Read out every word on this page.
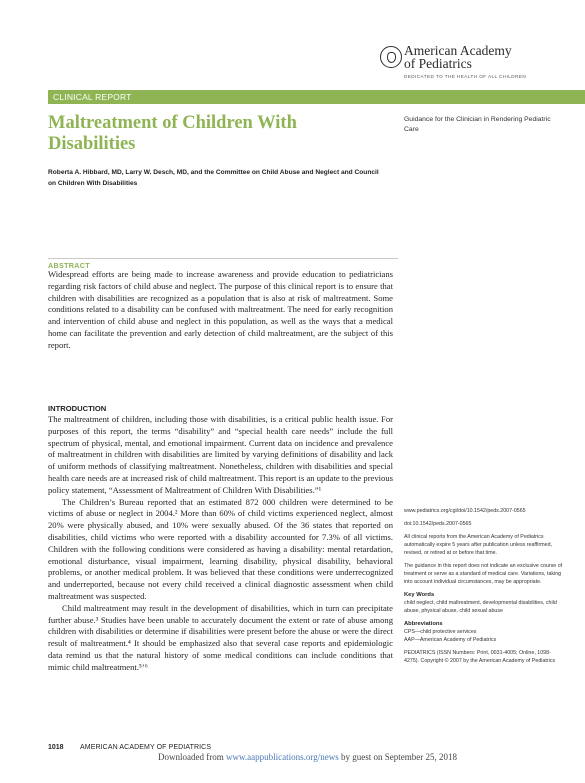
American Academy
of Pediatrics
DEDICATED TO THE HEALTH OF ALL CHILDREN
CLINICAL REPORT
Maltreatment of Children With Disabilities
Guidance for the Clinician in Rendering Pediatric Care
Roberta A. Hibbard, MD, Larry W. Desch, MD, and the Committee on Child Abuse and Neglect and Council on Children With Disabilities
ABSTRACT
Widespread efforts are being made to increase awareness and provide education to pediatricians regarding risk factors of child abuse and neglect. The purpose of this clinical report is to ensure that children with disabilities are recognized as a population that is also at risk of maltreatment. Some conditions related to a disability can be confused with maltreatment. The need for early recognition and intervention of child abuse and neglect in this population, as well as the ways that a medical home can facilitate the prevention and early detection of child maltreatment, are the subject of this report.
INTRODUCTION

The maltreatment of children, including those with disabilities, is a critical public health issue. For purposes of this report, the terms “disability” and “special health care needs” include the full spectrum of physical, mental, and emotional impairment. Current data on incidence and prevalence of maltreatment in children with disabilities are limited by varying definitions of disability and lack of uniform methods of classifying maltreatment. Nonetheless, children with disabilities and special health care needs are at increased risk of child maltreatment. This report is an update to the previous policy statement, “Assessment of Maltreatment of Children With Disabilities.”¹

The Children’s Bureau reported that an estimated 872 000 children were determined to be victims of abuse or neglect in 2004.² More than 60% of child victims experienced neglect, almost 20% were physically abused, and 10% were sexually abused. Of the 36 states that reported on disabilities, child victims who were reported with a disability accounted for 7.3% of all victims. Children with the following conditions were considered as having a disability: mental retardation, emotional disturbance, visual impairment, learning disability, physical disability, behavioral problems, or another medical problem. It was believed that these conditions were underrecognized and underreported, because not every child received a clinical diagnostic assessment when child maltreatment was suspected.

Child maltreatment may result in the development of disabilities, which in turn can precipitate further abuse.³ Studies have been unable to accurately document the extent or rate of abuse among children with disabilities or determine if disabilities were present before the abuse or were the direct result of maltreatment.⁴ It should be emphasized also that several case reports and epidemiologic data remind us that the natural history of some medical conditions can include conditions that mimic child maltreatment.⁵ʼ⁶

www.pediatrics.org/cgi/doi/10.1542/peds.2007-0565
doi:10.1542/peds.2007-0565
All clinical reports from the American Academy of Pediatrics automatically expire 5 years after publication unless reaffirmed, revised, or retired at or before that time.
The guidance in this report does not indicate an exclusive course of treatment or serve as a standard of medical care. Variations, taking into account individual circumstances, may be appropriate.
Key Words
child neglect, child maltreatment, developmental disabilities, child abuse, physical abuse, child sexual abuse
Abbreviations
CPS—child protective services
AAP—American Academy of Pediatrics
PEDIATRICS (ISSN Numbers: Print, 0031-4005; Online, 1098-4275). Copyright © 2007 by the American Academy of Pediatrics
1018 AMERICAN ACADEMY OF PEDIATRICS
Downloaded from www.aappublications.org/news by guest on September 25, 2018
